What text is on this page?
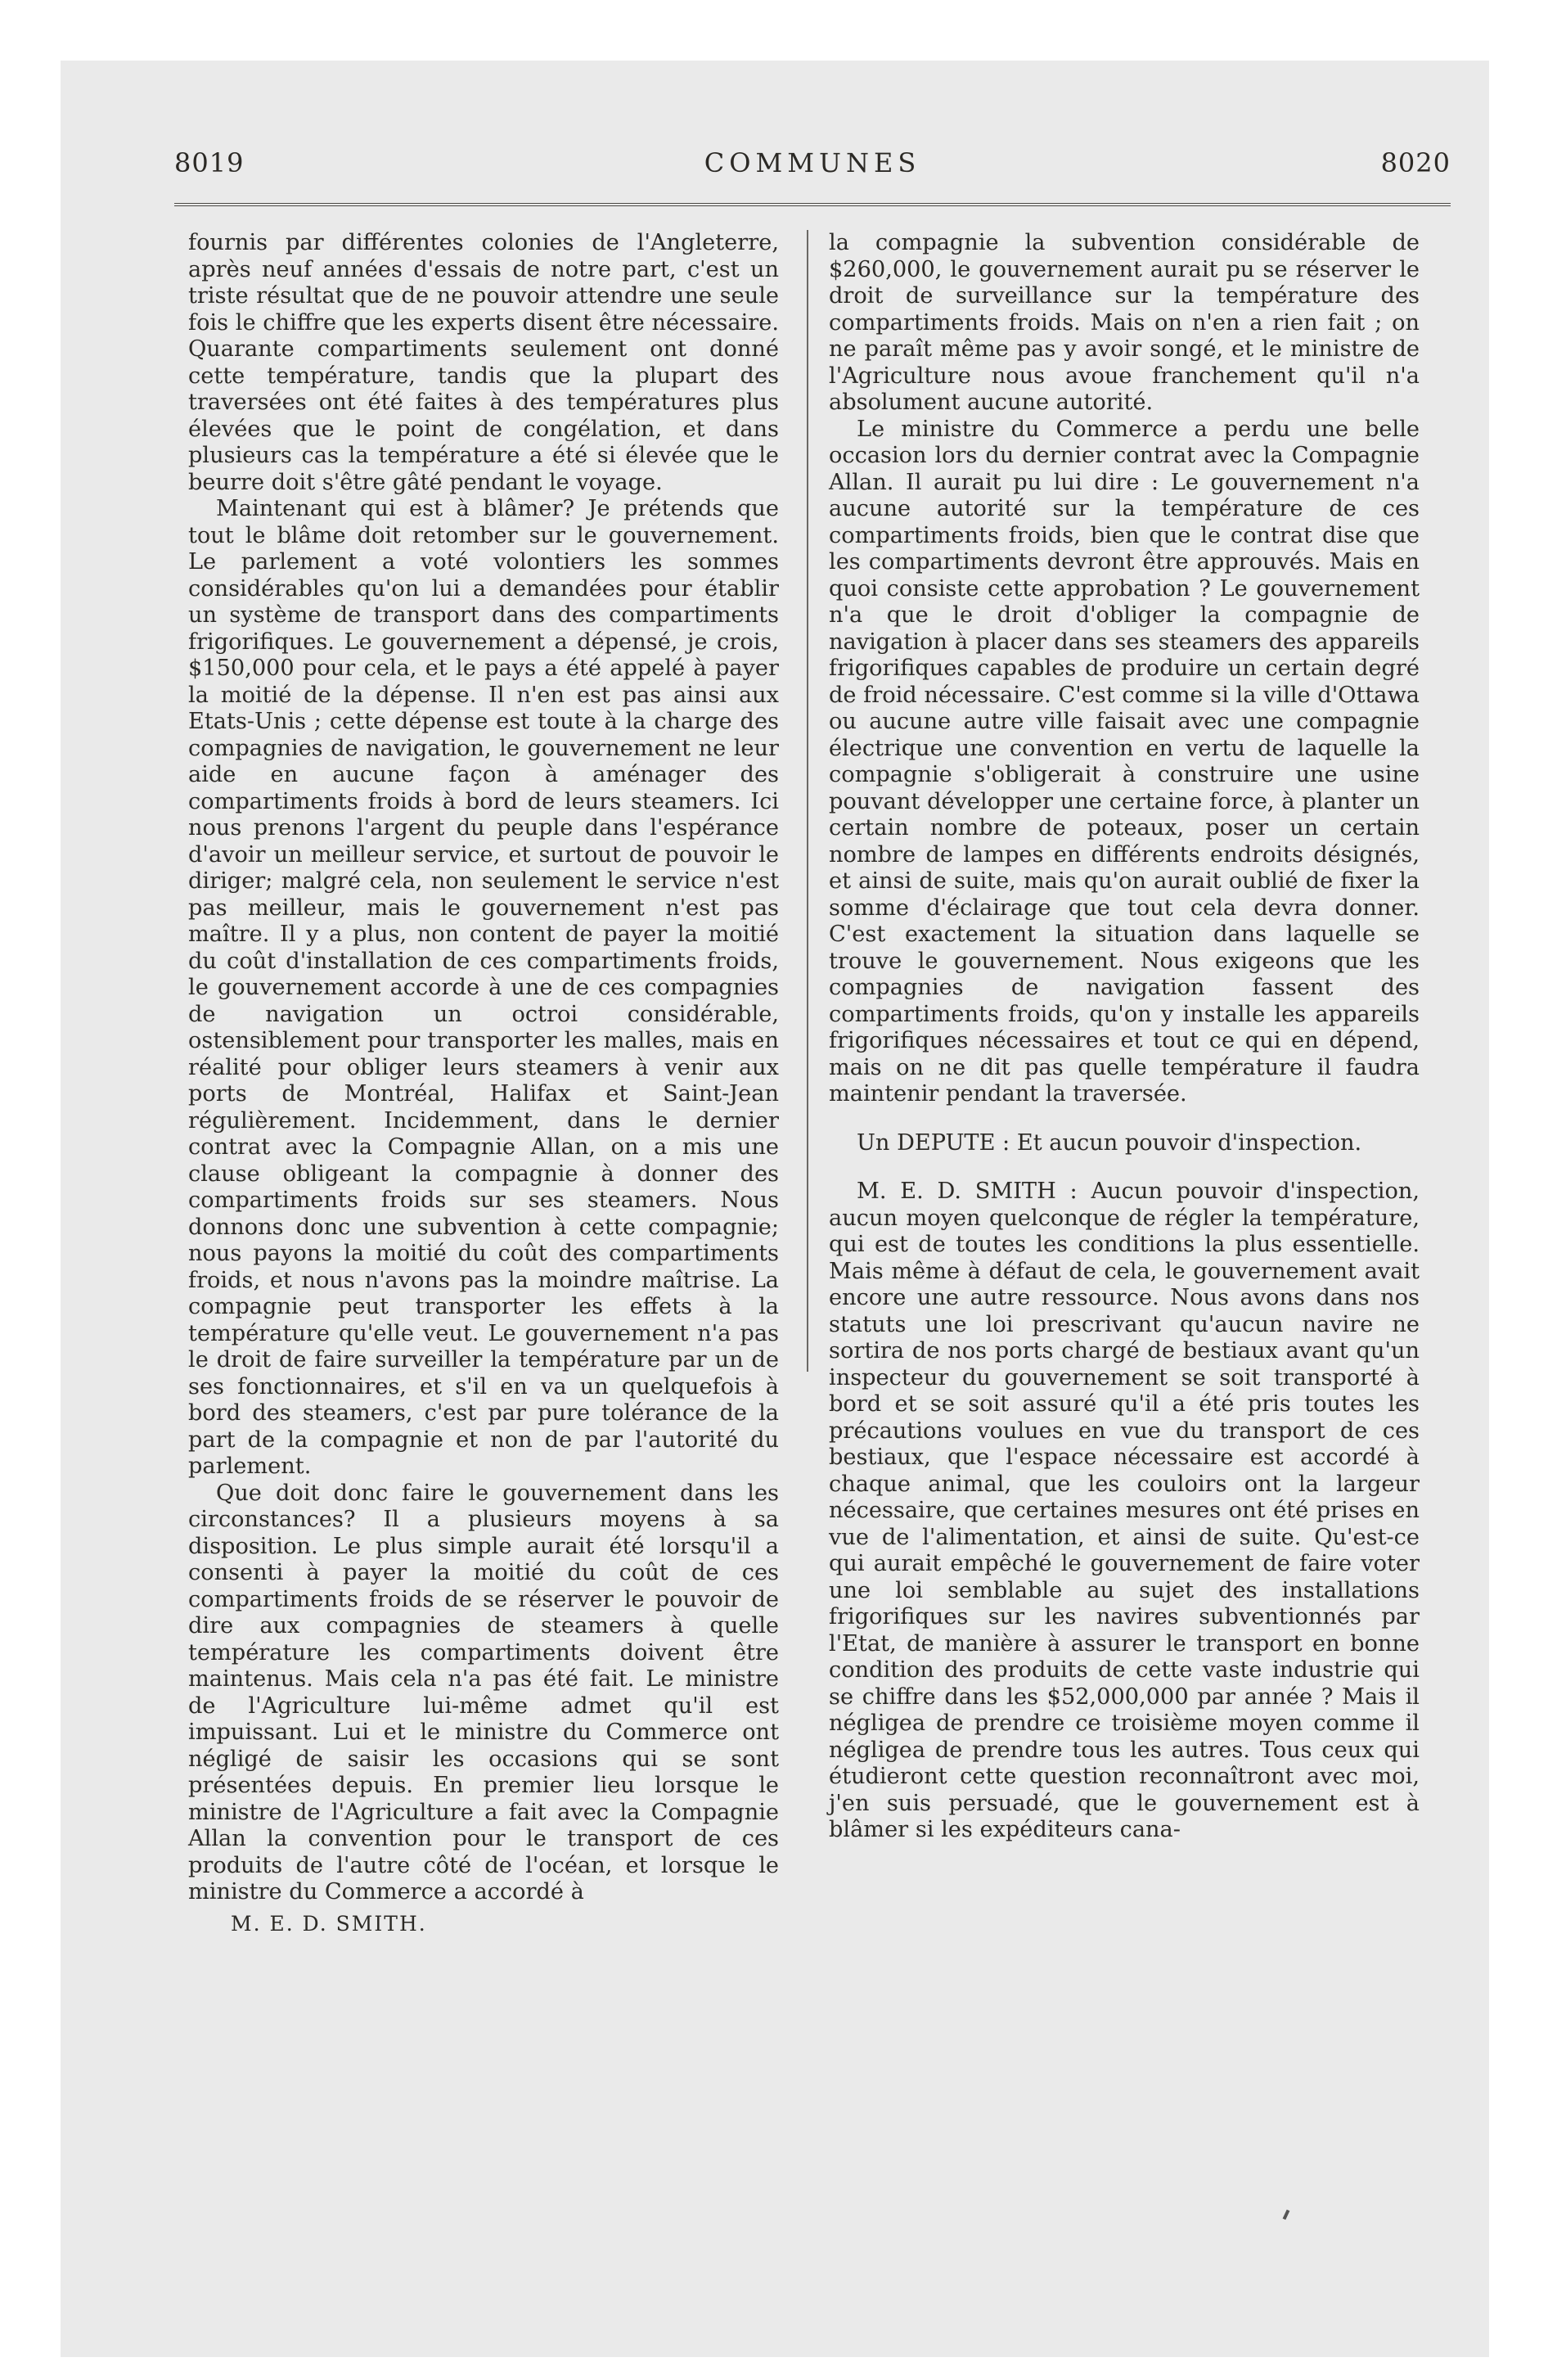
8019	COMMUNES	8020

fournis par différentes colonies de l'Angleterre, après neuf années d'essais de notre part, c'est un triste résultat que de ne pouvoir attendre une seule fois le chiffre que les experts disent être nécessaire. Quarante compartiments seulement ont donné cette température, tandis que la plupart des traversées ont été faites à des températures plus élevées que le point de congélation, et dans plusieurs cas la température a été si élevée que le beurre doit s'être gâté pendant le voyage.

Maintenant qui est à blâmer? Je prétends que tout le blâme doit retomber sur le gouvernement. Le parlement a voté volontiers les sommes considérables qu'on lui a demandées pour établir un système de transport dans des compartiments frigorifiques. Le gouvernement a dépensé, je crois, $150,000 pour cela, et le pays a été appelé à payer la moitié de la dépense. Il n'en est pas ainsi aux Etats-Unis ; cette dépense est toute à la charge des compagnies de navigation, le gouvernement ne leur aide en aucune façon à aménager des compartiments froids à bord de leurs steamers. Ici nous prenons l'argent du peuple dans l'espérance d'avoir un meilleur service, et surtout de pouvoir le diriger; malgré cela, non seulement le service n'est pas meilleur, mais le gouvernement n'est pas maître. Il y a plus, non content de payer la moitié du coût d'installation de ces compartiments froids, le gouvernement accorde à une de ces compagnies de navigation un octroi considérable, ostensiblement pour transporter les malles, mais en réalité pour obliger leurs steamers à venir aux ports de Montréal, Halifax et Saint-Jean régulièrement. Incidemment, dans le dernier contrat avec la Compagnie Allan, on a mis une clause obligeant la compagnie à donner des compartiments froids sur ses steamers. Nous donnons donc une subvention à cette compagnie; nous payons la moitié du coût des compartiments froids, et nous n'avons pas la moindre maîtrise. La compagnie peut transporter les effets à la température qu'elle veut. Le gouvernement n'a pas le droit de faire surveiller la température par un de ses fonctionnaires, et s'il en va un quelquefois à bord des steamers, c'est par pure tolérance de la part de la compagnie et non de par l'autorité du parlement.

Que doit donc faire le gouvernement dans les circonstances? Il a plusieurs moyens à sa disposition. Le plus simple aurait été lorsqu'il a consenti à payer la moitié du coût de ces compartiments froids de se réserver le pouvoir de dire aux compagnies de steamers à quelle température les compartiments doivent être maintenus. Mais cela n'a pas été fait. Le ministre de l'Agriculture lui-même admet qu'il est impuissant. Lui et le ministre du Commerce ont négligé de saisir les occasions qui se sont présentées depuis. En premier lieu lorsque le ministre de l'Agriculture a fait avec la Compagnie Allan la convention pour le transport de ces produits de l'autre côté de l'océan, et lorsque le ministre du Commerce a accordé à

M. E. D. SMITH.

la compagnie la subvention considérable de $260,000, le gouvernement aurait pu se réserver le droit de surveillance sur la température des compartiments froids. Mais on n'en a rien fait ; on ne paraît même pas y avoir songé, et le ministre de l'Agriculture nous avoue franchement qu'il n'a absolument aucune autorité.

Le ministre du Commerce a perdu une belle occasion lors du dernier contrat avec la Compagnie Allan. Il aurait pu lui dire : Le gouvernement n'a aucune autorité sur la température de ces compartiments froids, bien que le contrat dise que les compartiments devront être approuvés. Mais en quoi consiste cette approbation ? Le gouvernement n'a que le droit d'obliger la compagnie de navigation à placer dans ses steamers des appareils frigorifiques capables de produire un certain degré de froid nécessaire. C'est comme si la ville d'Ottawa ou aucune autre ville faisait avec une compagnie électrique une convention en vertu de laquelle la compagnie s'obligerait à construire une usine pouvant développer une certaine force, à planter un certain nombre de poteaux, poser un certain nombre de lampes en différents endroits désignés, et ainsi de suite, mais qu'on aurait oublié de fixer la somme d'éclairage que tout cela devra donner. C'est exactement la situation dans laquelle se trouve le gouvernement. Nous exigeons que les compagnies de navigation fassent des compartiments froids, qu'on y installe les appareils frigorifiques nécessaires et tout ce qui en dépend, mais on ne dit pas quelle température il faudra maintenir pendant la traversée.

Un DEPUTE : Et aucun pouvoir d'inspection.

M. E. D. SMITH : Aucun pouvoir d'inspection, aucun moyen quelconque de régler la température, qui est de toutes les conditions la plus essentielle. Mais même à défaut de cela, le gouvernement avait encore une autre ressource. Nous avons dans nos statuts une loi prescrivant qu'aucun navire ne sortira de nos ports chargé de bestiaux avant qu'un inspecteur du gouvernement se soit transporté à bord et se soit assuré qu'il a été pris toutes les précautions voulues en vue du transport de ces bestiaux, que l'espace nécessaire est accordé à chaque animal, que les couloirs ont la largeur nécessaire, que certaines mesures ont été prises en vue de l'alimentation, et ainsi de suite. Qu'est-ce qui aurait empêché le gouvernement de faire voter une loi semblable au sujet des installations frigorifiques sur les navires subventionnés par l'Etat, de manière à assurer le transport en bonne condition des produits de cette vaste industrie qui se chiffre dans les $52,000,000 par année ? Mais il négligea de prendre ce troisième moyen comme il négligea de prendre tous les autres. Tous ceux qui étudieront cette question reconnaîtront avec moi, j'en suis persuadé, que le gouvernement est à blâmer si les expéditeurs cana-
